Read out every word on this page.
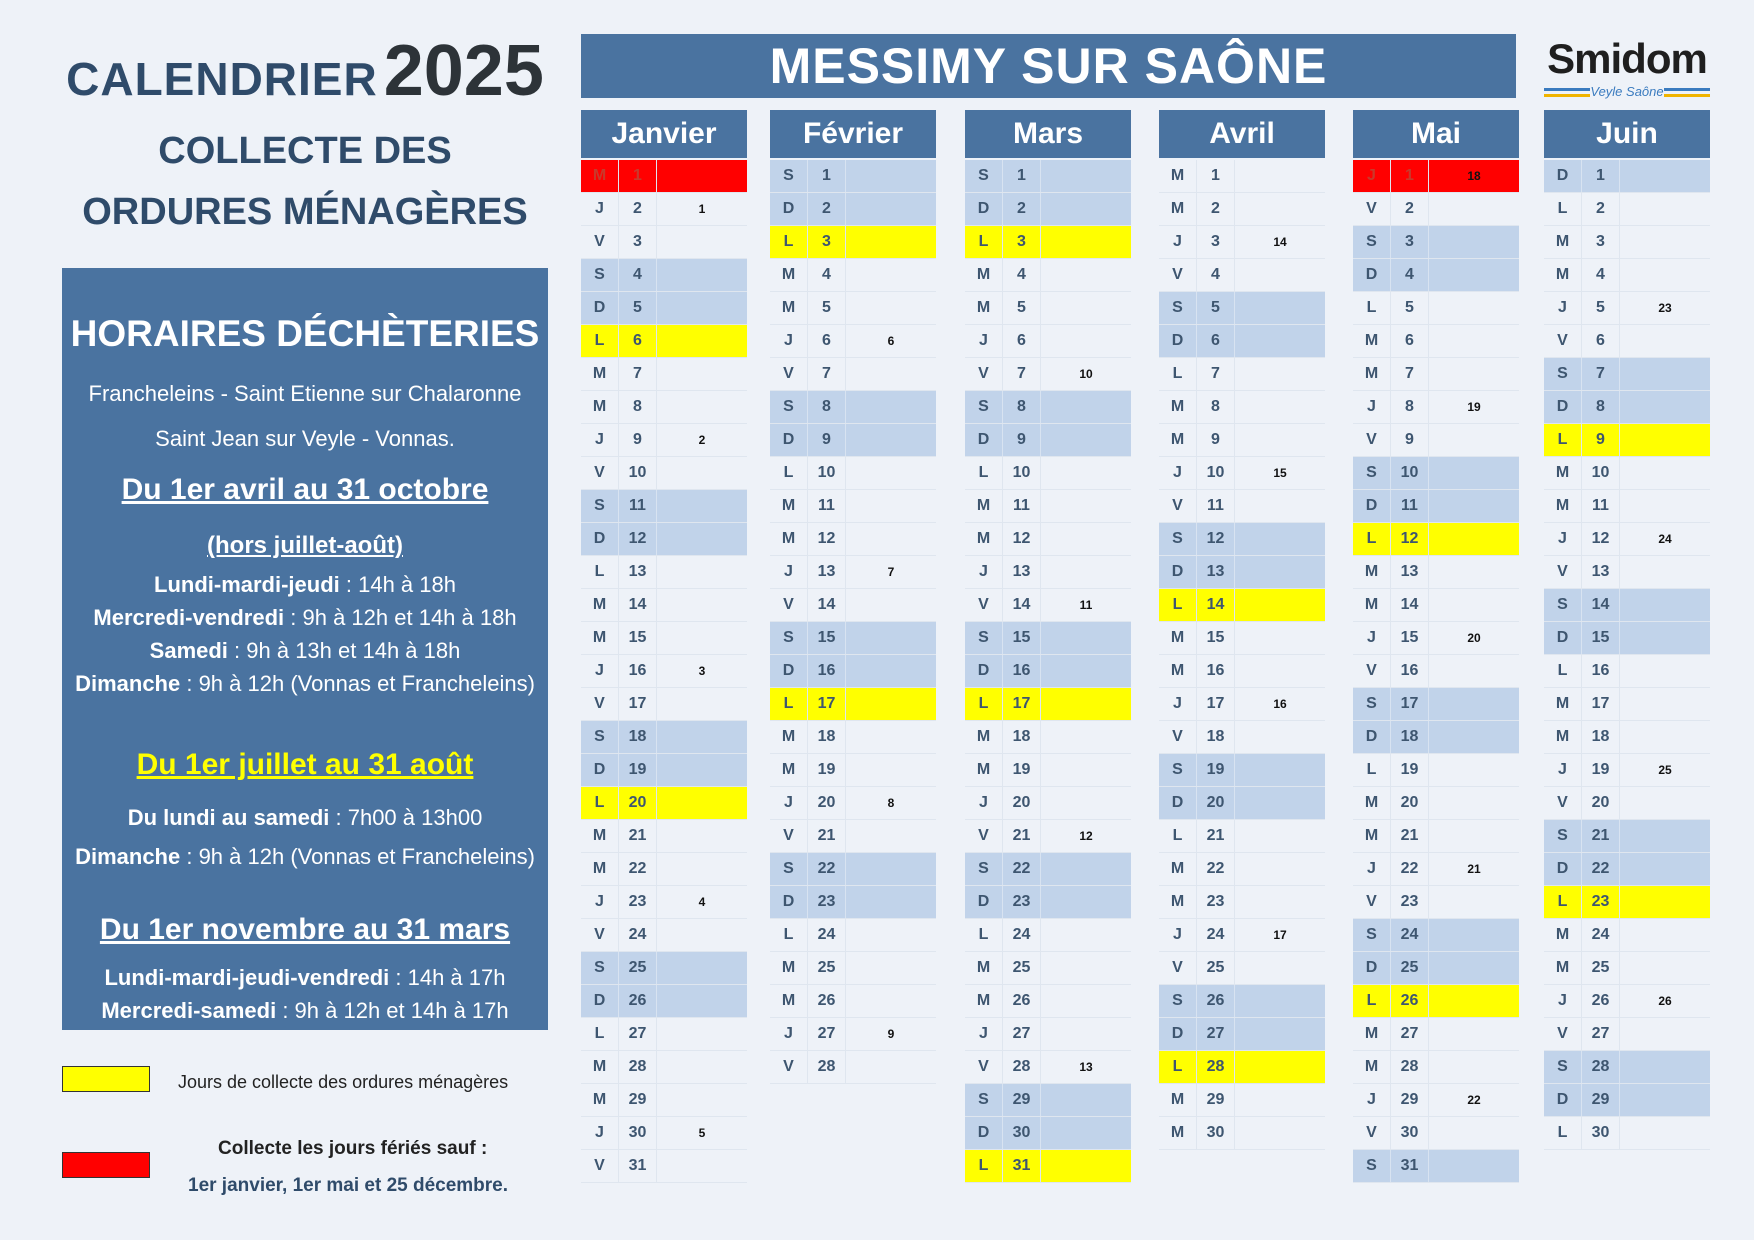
CALENDRIER2025
COLLECTE DES
ORDURES MÉNAGÈRES
HORAIRES DÉCHÈTERIES
Francheleins - Saint Etienne sur Chalaronne
Saint Jean sur Veyle - Vonnas.
Du 1er avril au 31 octobre
(hors juillet-août)
Lundi-mardi-jeudi : 14h à 18h
Mercredi-vendredi : 9h à 12h et 14h à 18h
Samedi : 9h à 13h et 14h à 18h
Dimanche : 9h à 12h (Vonnas et Francheleins)
Du 1er juillet au 31 août
Du lundi au samedi : 7h00 à 13h00
Dimanche : 9h à 12h (Vonnas et Francheleins)
Du 1er novembre au 31 mars
Lundi-mardi-jeudi-vendredi : 14h à 17h
Mercredi-samedi : 9h à 12h et 14h à 17h
Jours de collecte des ordures ménagères
Collecte les jours fériés sauf :
1er janvier, 1er mai et 25 décembre.
MESSIMY SUR SAÔNE	Smidom
Veyle Saône
Janvier
M	1
J	2	1
V	3
S	4
D	5
L	6
M	7
M	8
J	9	2
V	10
S	11
D	12
L	13
M	14
M	15
J	16	3
V	17
S	18
D	19
L	20
M	21
M	22
J	23	4
V	24
S	25
D	26
L	27
M	28
M	29
J	30	5
V	31
Février
S	1
D	2
L	3
M	4
M	5
J	6	6
V	7
S	8
D	9
L	10
M	11
M	12
J	13	7
V	14
S	15
D	16
L	17
M	18
M	19
J	20	8
V	21
S	22
D	23
L	24
M	25
M	26
J	27	9
V	28
Mars
S	1
D	2
L	3
M	4
M	5
J	6
V	7	10
S	8
D	9
L	10
M	11
M	12
J	13
V	14	11
S	15
D	16
L	17
M	18
M	19
J	20
V	21	12
S	22
D	23
L	24
M	25
M	26
J	27
V	28	13
S	29
D	30
L	31
Avril
M	1
M	2
J	3	14
V	4
S	5
D	6
L	7
M	8
M	9
J	10	15
V	11
S	12
D	13
L	14
M	15
M	16
J	17	16
V	18
S	19
D	20
L	21
M	22
M	23
J	24	17
V	25
S	26
D	27
L	28
M	29
M	30
Mai
J	1	18
V	2
S	3
D	4
L	5
M	6
M	7
J	8	19
V	9
S	10
D	11
L	12
M	13
M	14
J	15	20
V	16
S	17
D	18
L	19
M	20
M	21
J	22	21
V	23
S	24
D	25
L	26
M	27
M	28
J	29	22
V	30
S	31
Juin
D	1
L	2
M	3
M	4
J	5	23
V	6
S	7
D	8
L	9
M	10
M	11
J	12	24
V	13
S	14
D	15
L	16
M	17
M	18
J	19	25
V	20
S	21
D	22
L	23
M	24
M	25
J	26	26
V	27
S	28
D	29
L	30
